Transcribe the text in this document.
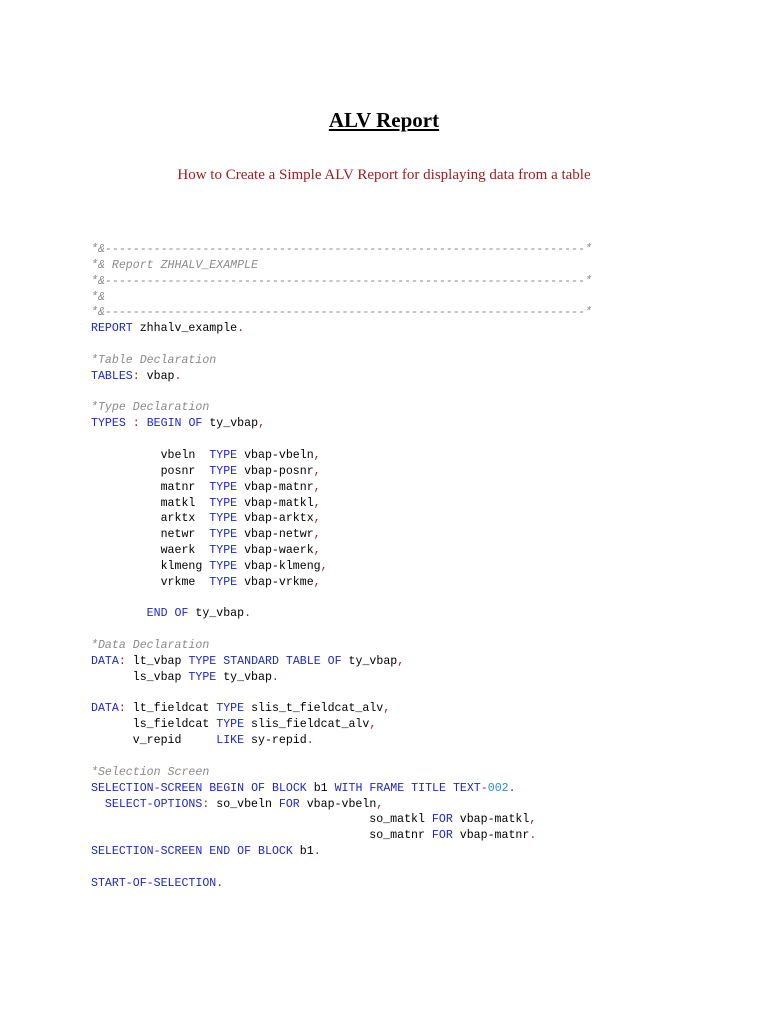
ALV Report
How to Create a Simple ALV Report for displaying data from a table
*&---------------------------------------------------------------------*
*& Report ZHHALV_EXAMPLE
*&---------------------------------------------------------------------*
*&
*&---------------------------------------------------------------------*
REPORT zhhalv_example.

*Table Declaration
TABLES: vbap.

*Type Declaration
TYPES : BEGIN OF ty_vbap,

vbeln  TYPE vbap-vbeln,
posnr  TYPE vbap-posnr,
matnr  TYPE vbap-matnr,
matkl  TYPE vbap-matkl,
arktx  TYPE vbap-arktx,
netwr  TYPE vbap-netwr,
waerk  TYPE vbap-waerk,
klmeng TYPE vbap-klmeng,
vrkme  TYPE vbap-vrkme,

END OF ty_vbap.

*Data Declaration
DATA: lt_vbap TYPE STANDARD TABLE OF ty_vbap,
ls_vbap TYPE ty_vbap.

DATA: lt_fieldcat TYPE slis_t_fieldcat_alv,
ls_fieldcat TYPE slis_fieldcat_alv,
v_repid     LIKE sy-repid.

*Selection Screen
SELECTION-SCREEN BEGIN OF BLOCK b1 WITH FRAME TITLE TEXT-002.
SELECT-OPTIONS: so_vbeln FOR vbap-vbeln,
so_matkl FOR vbap-matkl,
so_matnr FOR vbap-matnr.
SELECTION-SCREEN END OF BLOCK b1.

START-OF-SELECTION.
